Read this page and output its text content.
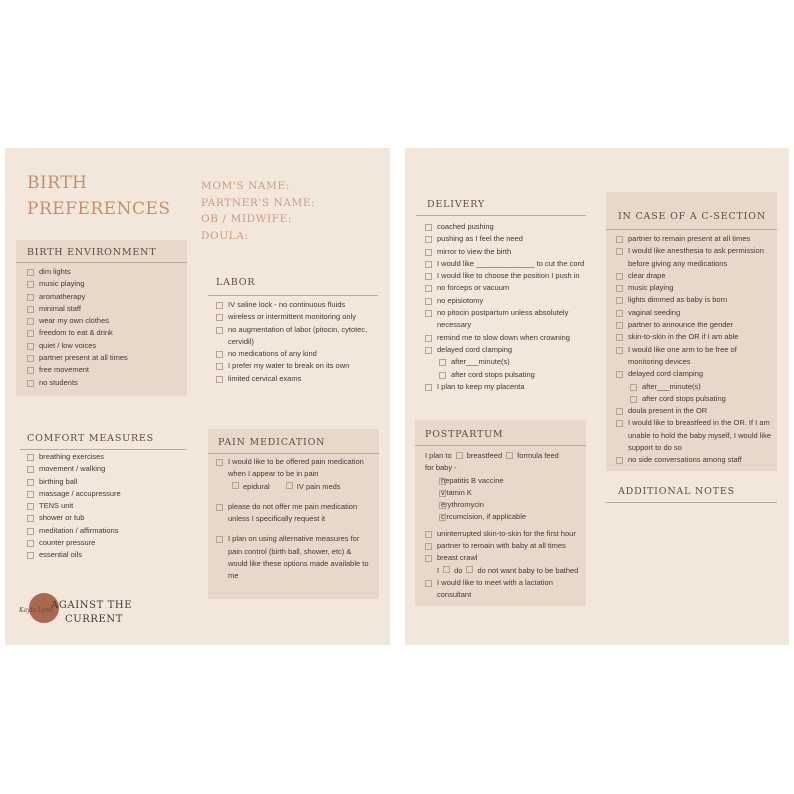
BIRTH
PREFERENCES
MOM'S NAME:
PARTNER'S NAME:
OB / MIDWIFE:
DOULA:
BIRTH ENVIRONMENT
dim lights
music playing
aromatherapy
minimal staff
wear my own clothes
freedom to eat & drink
quiet / low voices
partner present at all times
free movement
no students
LABOR
IV saline lock - no continuous fluids
wireless or intermittent monitoring only
no augmentation of labor (pitocin, cytotec,
cervidil)
no medications of any kind
I prefer my water to break on its own
limited cervical exams
COMFORT MEASURES
breathing exercises
movement / walking
birthing ball
massage / accupressure
TENS unit
shower or tub
meditation / affirmations
counter pressure
essential oils
PAIN MEDICATION
I would like to be offered pain medication
when I appear to be in pain
epidural	IV pain meds
please do not offer me pain medication
unless I specifically request it
I plan on using alternative measures for
pain control (birth ball, shower, etc) &
would like these options made available to
me
Kayla Lynn
AGAINST THE
CURRENT
DELIVERY
coached pushing
pushing as I feel the need
mirror to view the birth
I would like ______________ to cut the cord
I would like to choose the position I push in
no forceps or vacuum
no episiotomy
no pitocin postpartum unless absolutely
necessary
remind me to slow down when crowning
delayed cord clamping
after___minute(s)
after cord stops pulsating
I plan to keep my placenta
POSTPARTUM
I plan to breastfeed formula feed
for baby -
hepatitis B vaccine
vitamin K
erythromycin
circumcision, if applicable
uninterrupted skin-to-skin for the first hour
partner to remain with baby at all times
breast crawl
I do do not want baby to be bathed
I would like to meet with a lactation
consultant
IN CASE OF A C-SECTION
partner to remain present at all times
I would like anesthesia to ask permission
before giving any medications
clear drape
music playing
lights dimmed as baby is born
vaginal seeding
partner to announce the gender
skin-to-skin in the OR if I am able
I would like one arm to be free of
monitoring devices
delayed cord clamping
after___minute(s)
after cord stops pulsating
doula present in the OR
I would like to breastfeed in the OR. If I am
unable to hold the baby myself, I would like
support to do so
no side conversations among staff
ADDITIONAL NOTES
